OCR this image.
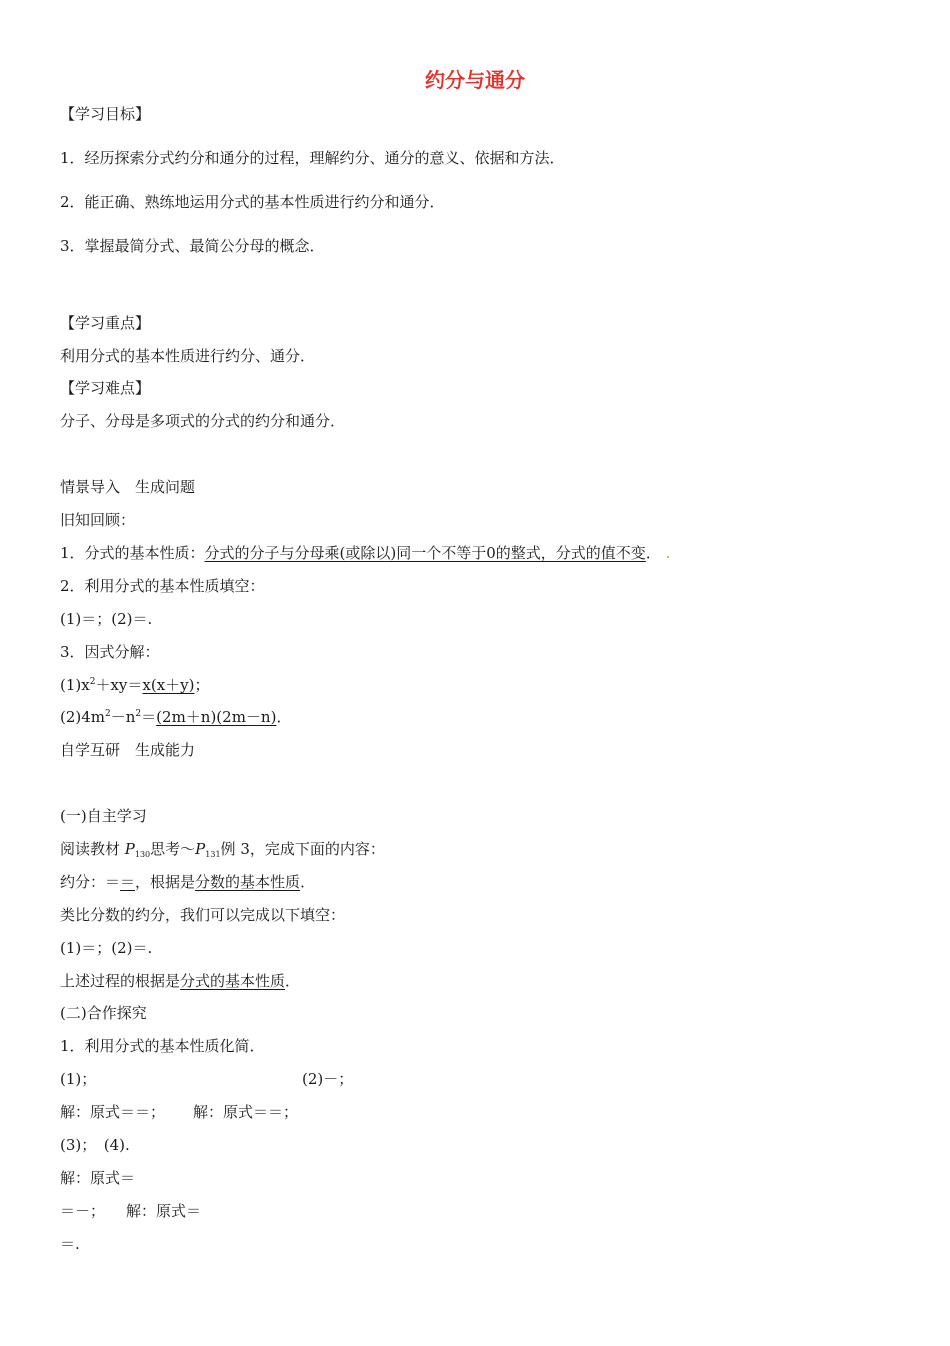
约分与通分
【学习目标】
1．经历探索分式约分和通分的过程，理解约分、通分的意义、依据和方法．
2．能正确、熟练地运用分式的基本性质进行约分和通分．
3．掌握最简分式、最简公分母的概念．
【学习重点】
利用分式的基本性质进行约分、通分．
【学习难点】
分子、分母是多项式的分式的约分和通分．
情景导入　生成问题
旧知回顾：
1．分式的基本性质：分式的分子与分母乘(或除以)同一个不等于0的整式，分式的值不变． .
2．利用分式的基本性质填空：
(1)＝；(2)＝.
3．因式分解：
$(1)x^2+xy=x(x+y)$；
$(2)4m^2-n^2=(2m+n)(2m-n)$．
自学互研　生成能力
(一)自主学习
阅读教材 $P_{130}$思考$\sim P_{131}$例 3，完成下面的内容：
约分：＝＝，根据是分数的基本性质．
类比分数的约分，我们可以完成以下填空：
(1)＝；(2)＝.
上述过程的根据是分式的基本性质．
(二)合作探究
1．利用分式的基本性质化简．
(1)；	(2)－；
解：原式＝＝； 解：原式＝＝；
(3)；　(4).
解：原式＝
＝－； 解：原式＝
＝.
